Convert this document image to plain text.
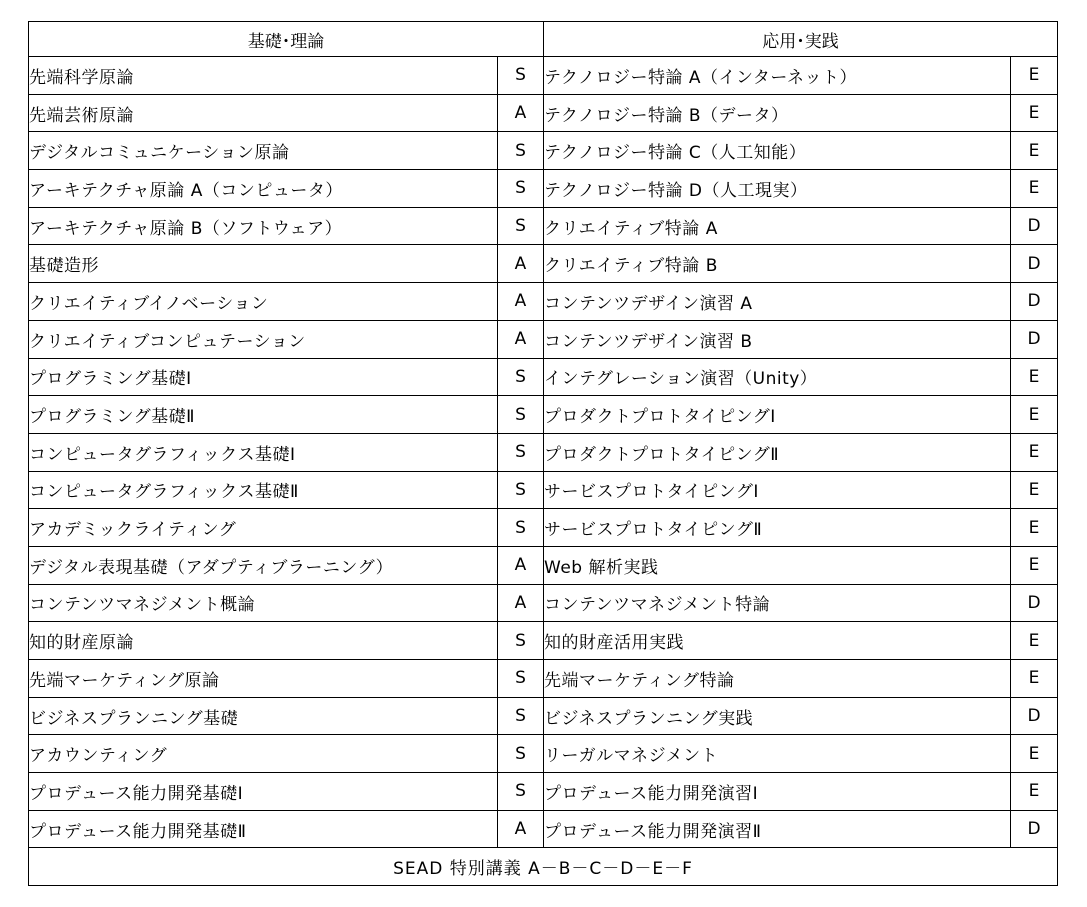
基礎･理論		応用･実践	
先端科学原論	S	テクノロジー特論 A（インターネット）	E
先端芸術原論	A	テクノロジー特論 B（データ）	E
デジタルコミュニケーション原論	S	テクノロジー特論 C（人工知能）	E
アーキテクチャ原論 A（コンピュータ）	S	テクノロジー特論 D（人工現実）	E
アーキテクチャ原論 B（ソフトウェア）	S	クリエイティブ特論 A	D
基礎造形	A	クリエイティブ特論 B	D
クリエイティブイノベーション	A	コンテンツデザイン演習 A	D
クリエイティブコンピュテーション	A	コンテンツデザイン演習 B	D
プログラミング基礎Ⅰ	S	インテグレーション演習（Unity）	E
プログラミング基礎Ⅱ	S	プロダクトプロトタイピングⅠ	E
コンピュータグラフィックス基礎Ⅰ	S	プロダクトプロトタイピングⅡ	E
コンピュータグラフィックス基礎Ⅱ	S	サービスプロトタイピングⅠ	E
アカデミックライティング	S	サービスプロトタイピングⅡ	E
デジタル表現基礎（アダプティブラーニング）	A	Web 解析実践	E
コンテンツマネジメント概論	A	コンテンツマネジメント特論	D
知的財産原論	S	知的財産活用実践	E
先端マーケティング原論	S	先端マーケティング特論	E
ビジネスプランニング基礎	S	ビジネスプランニング実践	D
アカウンティング	S	リーガルマネジメント	E
プロデュース能力開発基礎Ⅰ	S	プロデュース能力開発演習Ⅰ	E
プロデュース能力開発基礎Ⅱ	A	プロデュース能力開発演習Ⅱ	D
SEAD 特別講義 A－B－C－D－E－F			
